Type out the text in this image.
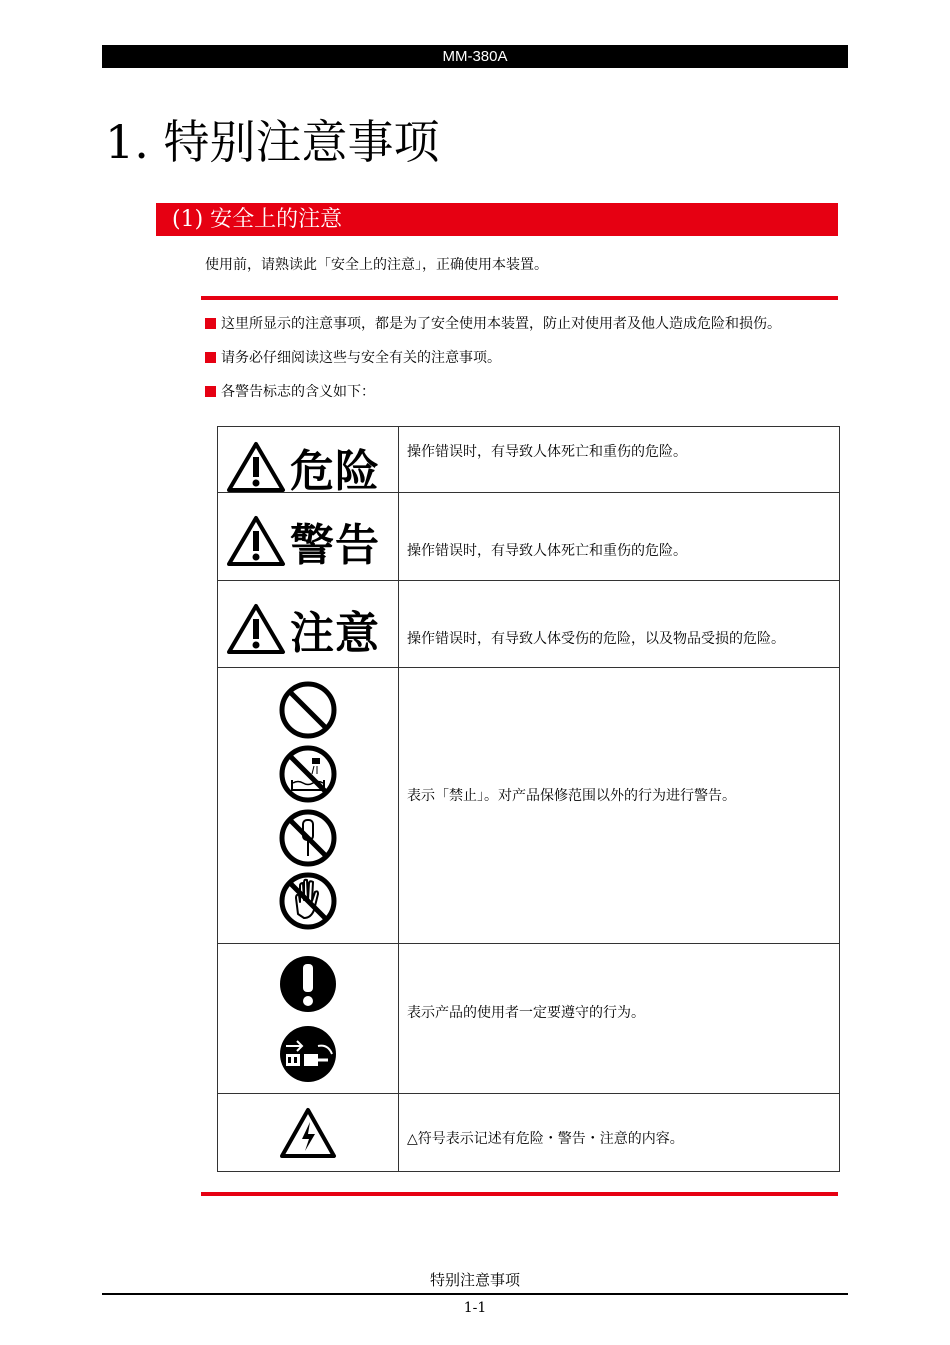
MM-380A
1. 特别注意事项
(1) 安全上的注意
使用前，请熟读此「安全上的注意」，正确使用本装置。
这里所显示的注意事项，都是为了安全使用本装置，防止对使用者及他人造成危险和损伤。
请务必仔细阅读这些与安全有关的注意事项。
各警告标志的含义如下：
危险	操作错误时，有导致人体死亡和重伤的危险。

警告	操作错误时，有导致人体死亡和重伤的危险。

注意	操作错误时，有导致人体受伤的危险，以及物品受损的危险。

	表示「禁止」。对产品保修范围以外的行为进行警告。

	表示产品的使用者一定要遵守的行为。

	△符号表示记述有危险・警告・注意的内容。
特别注意事项
1-1
